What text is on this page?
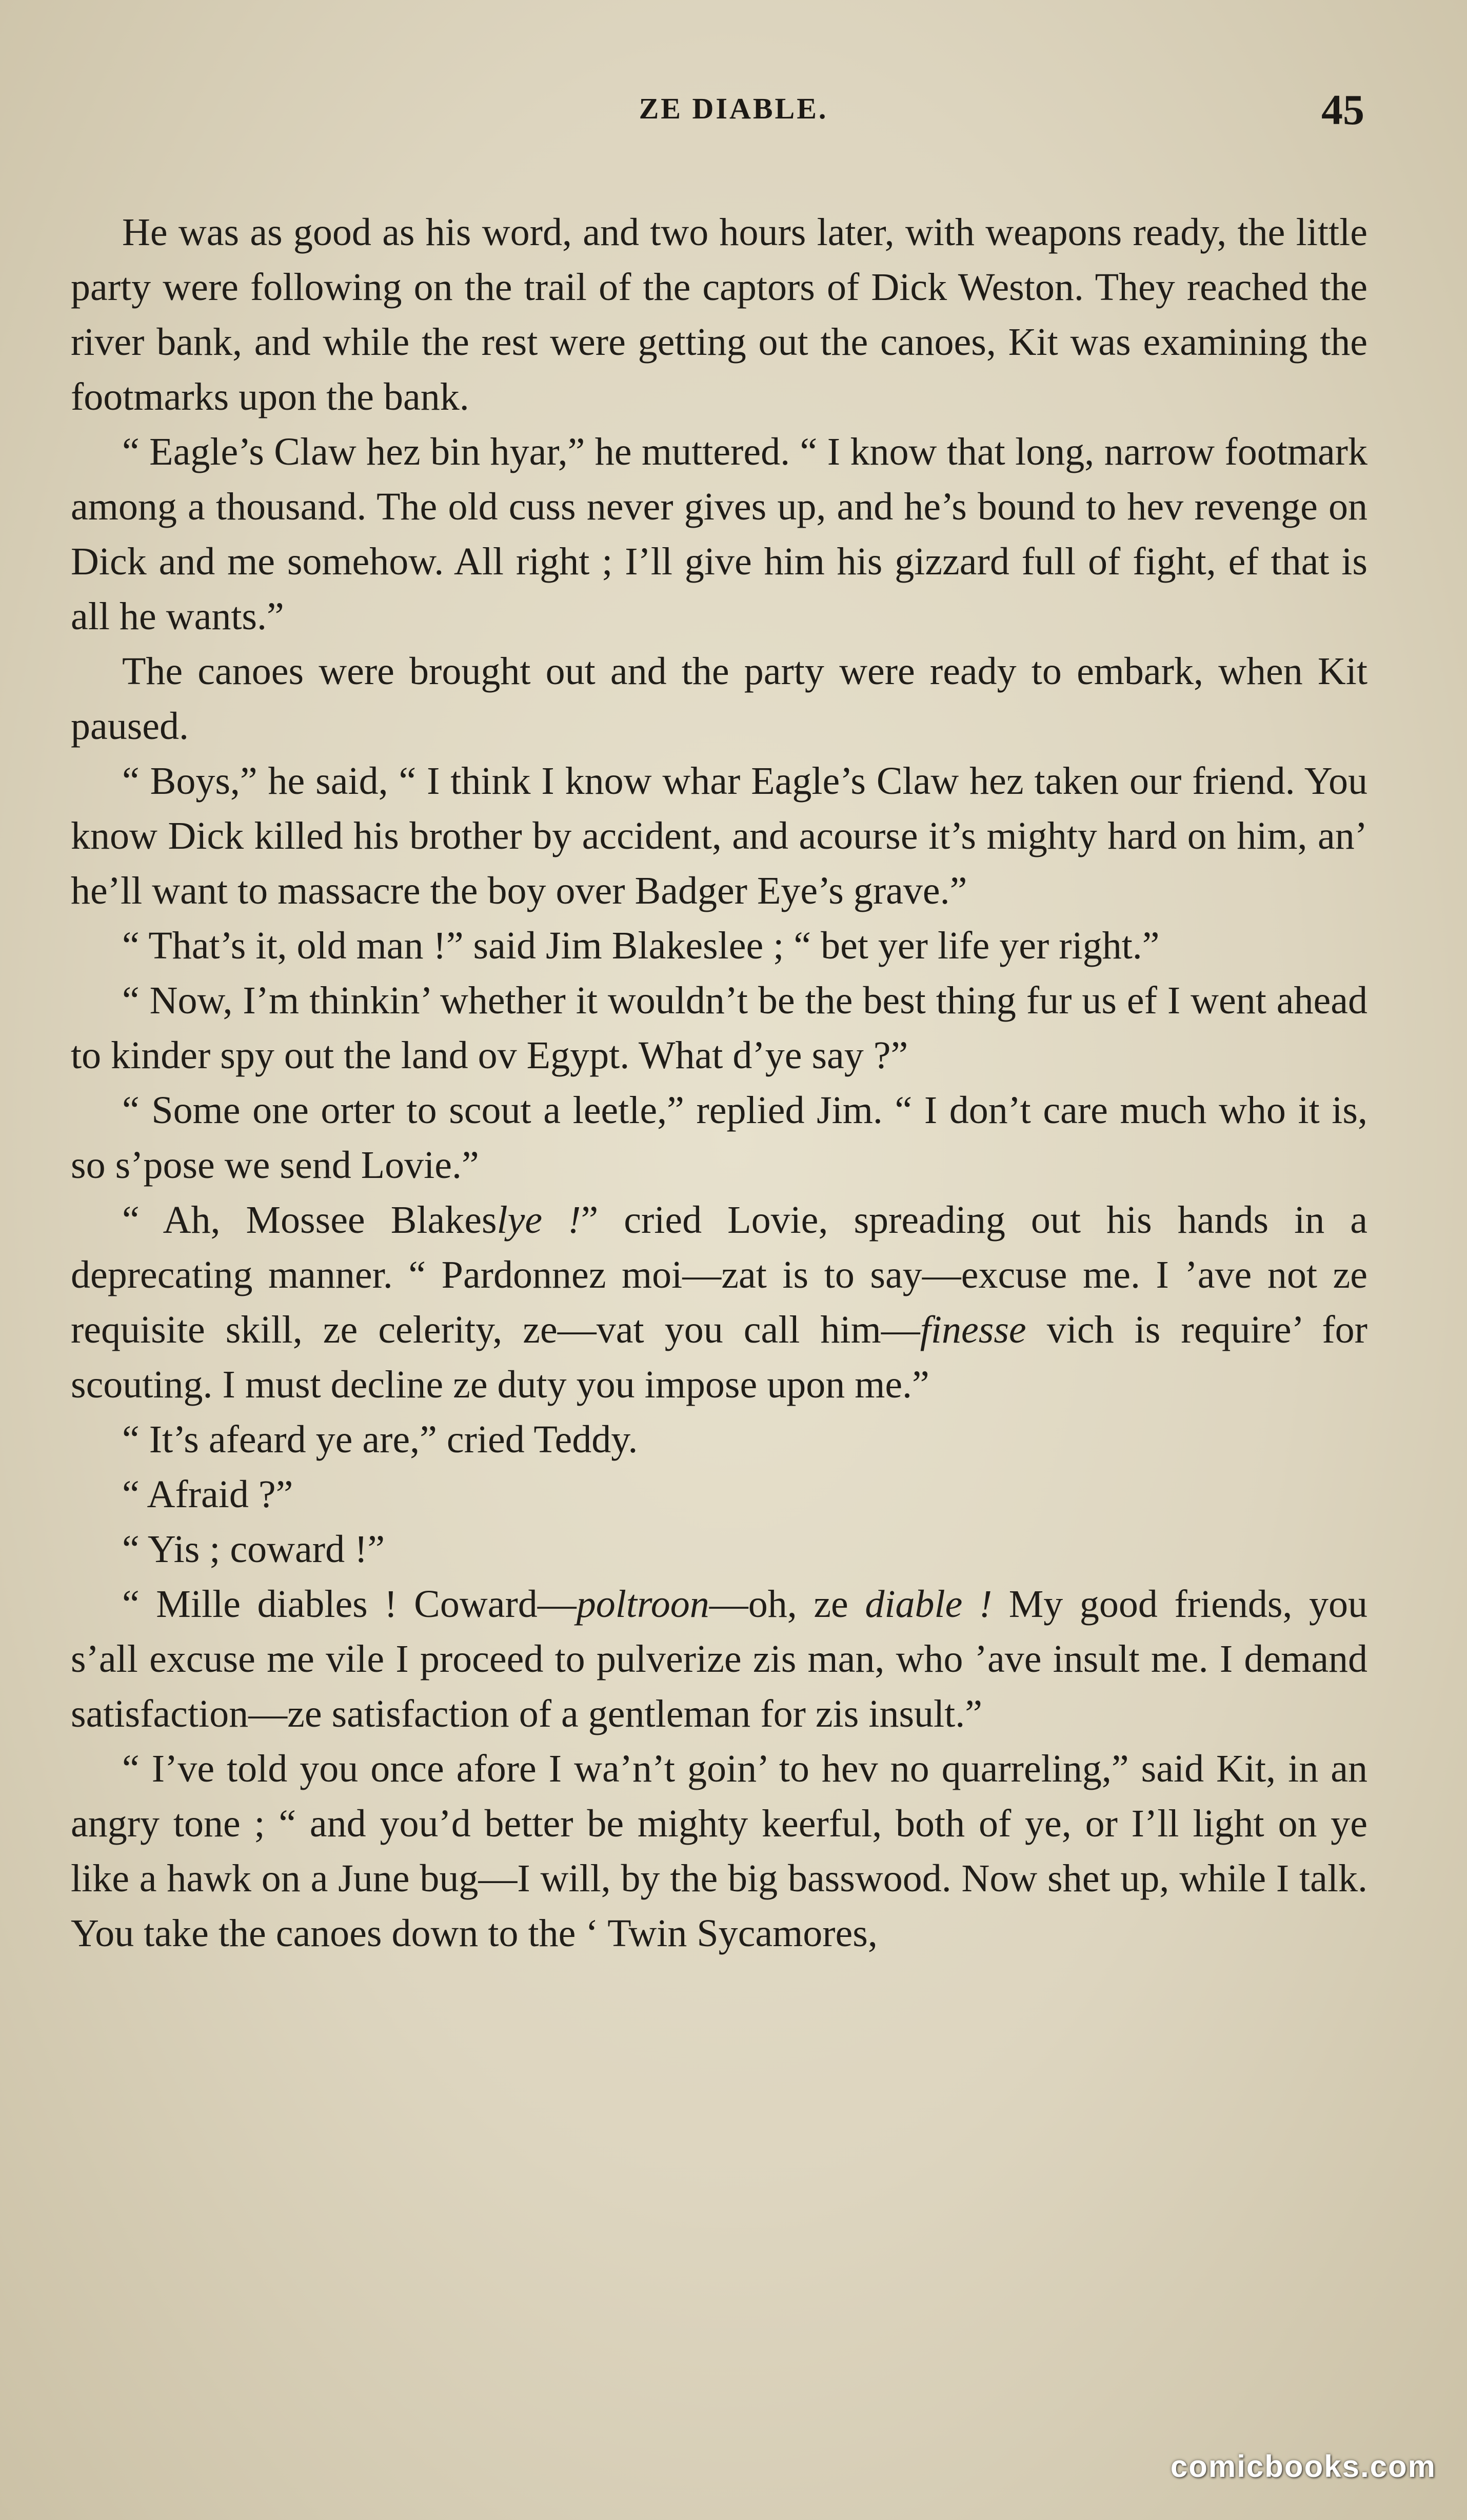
ZE DIABLE.	45

He was as good as his word, and two hours later, with weapons ready, the little party were following on the trail of the captors of Dick Weston. They reached the river bank, and while the rest were getting out the canoes, Kit was examining the footmarks upon the bank.

“ Eagle’s Claw hez bin hyar,” he muttered. “ I know that long, narrow footmark among a thousand. The old cuss never gives up, and he’s bound to hev revenge on Dick and me somehow. All right ; I’ll give him his gizzard full of fight, ef that is all he wants.”

The canoes were brought out and the party were ready to embark, when Kit paused.

“ Boys,” he said, “ I think I know whar Eagle’s Claw hez taken our friend. You know Dick killed his brother by accident, and acourse it’s mighty hard on him, an’ he’ll want to massacre the boy over Badger Eye’s grave.”

“ That’s it, old man !” said Jim Blakeslee ; “ bet yer life yer right.”

“ Now, I’m thinkin’ whether it wouldn’t be the best thing fur us ef I went ahead to kinder spy out the land ov Egypt. What d’ye say ?”

“ Some one orter to scout a leetle,” replied Jim. “ I don’t care much who it is, so s’pose we send Lovie.”

“ Ah, Mossee Blakeslye !” cried Lovie, spreading out his hands in a deprecating manner. “ Pardonnez moi—zat is to say—excuse me. I ’ave not ze requisite skill, ze celerity, ze—vat you call him—finesse vich is require’ for scouting. I must decline ze duty you impose upon me.”

“ It’s afeard ye are,” cried Teddy.

“ Afraid ?”

“ Yis ; coward !”

“ Mille diables ! Coward—poltroon—oh, ze diable ! My good friends, you s’all excuse me vile I proceed to pulverize zis man, who ’ave insult me. I demand satisfaction—ze satisfaction of a gentleman for zis insult.”

“ I’ve told you once afore I wa’n’t goin’ to hev no quarreling,” said Kit, in an angry tone ; “ and you’d better be mighty keerful, both of ye, or I’ll light on ye like a hawk on a June bug—I will, by the big basswood. Now shet up, while I talk. You take the canoes down to the ‘ Twin Sycamores,

comicbooks.com
